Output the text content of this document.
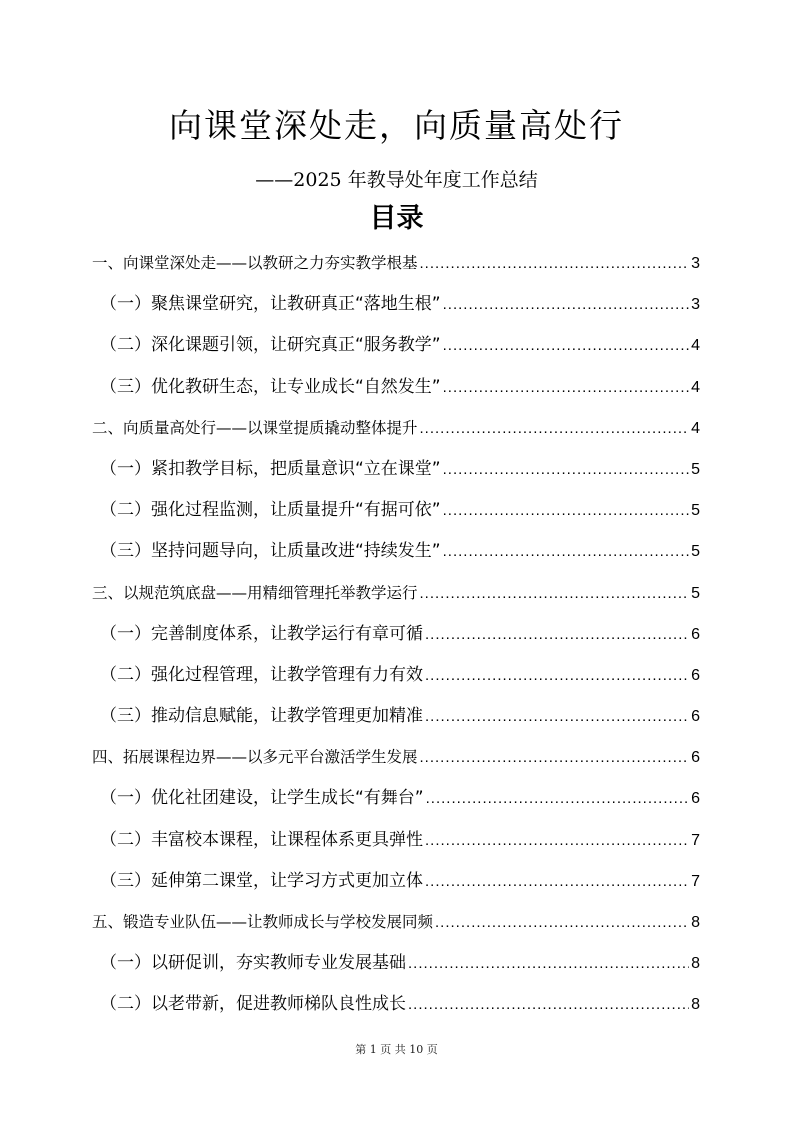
向课堂深处走，向质量高处行
——2025 年教导处年度工作总结
目录
一、向课堂深处走——以教研之力夯实教学根基 .....	3
（一）聚焦课堂研究，让教研真正“落地生根” .....	3
（二）深化课题引领，让研究真正“服务教学” .....	4
（三）优化教研生态，让专业成长“自然发生” .....	4
二、向质量高处行——以课堂提质撬动整体提升 .....	4
（一）紧扣教学目标，把质量意识“立在课堂” .....	5
（二）强化过程监测，让质量提升“有据可依” .....	5
（三）坚持问题导向，让质量改进“持续发生” .....	5
三、以规范筑底盘——用精细管理托举教学运行 .....	5
（一）完善制度体系，让教学运行有章可循 .....	6
（二）强化过程管理，让教学管理有力有效 .....	6
（三）推动信息赋能，让教学管理更加精准 .....	6
四、拓展课程边界——以多元平台激活学生发展 .....	6
（一）优化社团建设，让学生成长“有舞台” .....	6
（二）丰富校本课程，让课程体系更具弹性 .....	7
（三）延伸第二课堂，让学习方式更加立体 .....	7
五、锻造专业队伍——让教师成长与学校发展同频 .....	8
（一）以研促训，夯实教师专业发展基础 .....	8
（二）以老带新，促进教师梯队良性成长 .....	8
第 1 页 共 10 页
